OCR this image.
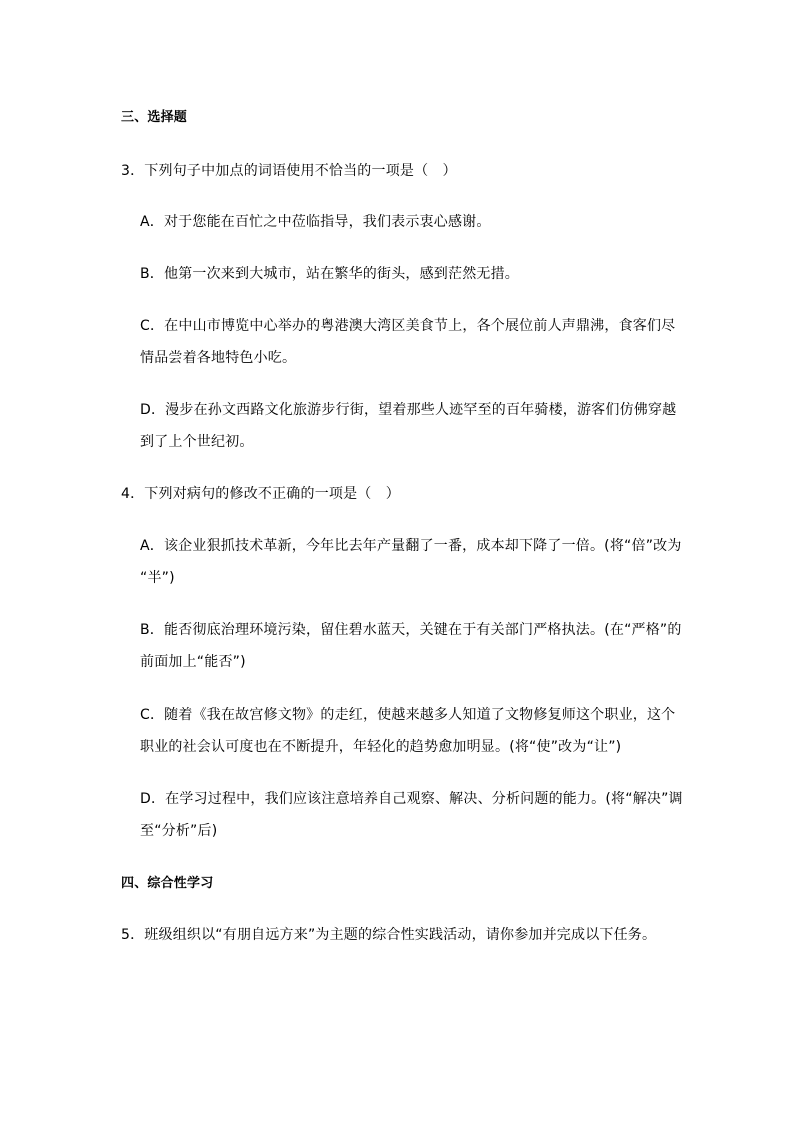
三、选择题
3．下列句子中加点的词语使用不恰当的一项是（　）
A．对于您能在百忙之中莅临指导，我们表示衷心感谢。
B．他第一次来到大城市，站在繁华的街头，感到茫然无措。
C．在中山市博览中心举办的粤港澳大湾区美食节上，各个展位前人声鼎沸，食客们尽
情品尝着各地特色小吃。
D．漫步在孙文西路文化旅游步行街，望着那些人迹罕至的百年骑楼，游客们仿佛穿越
到了上个世纪初。
4．下列对病句的修改不正确的一项是（　）
A．该企业狠抓技术革新，今年比去年产量翻了一番，成本却下降了一倍。(将“倍”改为
“半”)
B．能否彻底治理环境污染，留住碧水蓝天，关键在于有关部门严格执法。(在“严格”的
前面加上“能否”)
C．随着《我在故宫修文物》的走红，使越来越多人知道了文物修复师这个职业，这个
职业的社会认可度也在不断提升，年轻化的趋势愈加明显。(将“使”改为“让”)
D．在学习过程中，我们应该注意培养自己观察、解决、分析问题的能力。(将“解决”调
至“分析”后)
四、综合性学习
5．班级组织以“有朋自远方来”为主题的综合性实践活动，请你参加并完成以下任务。
